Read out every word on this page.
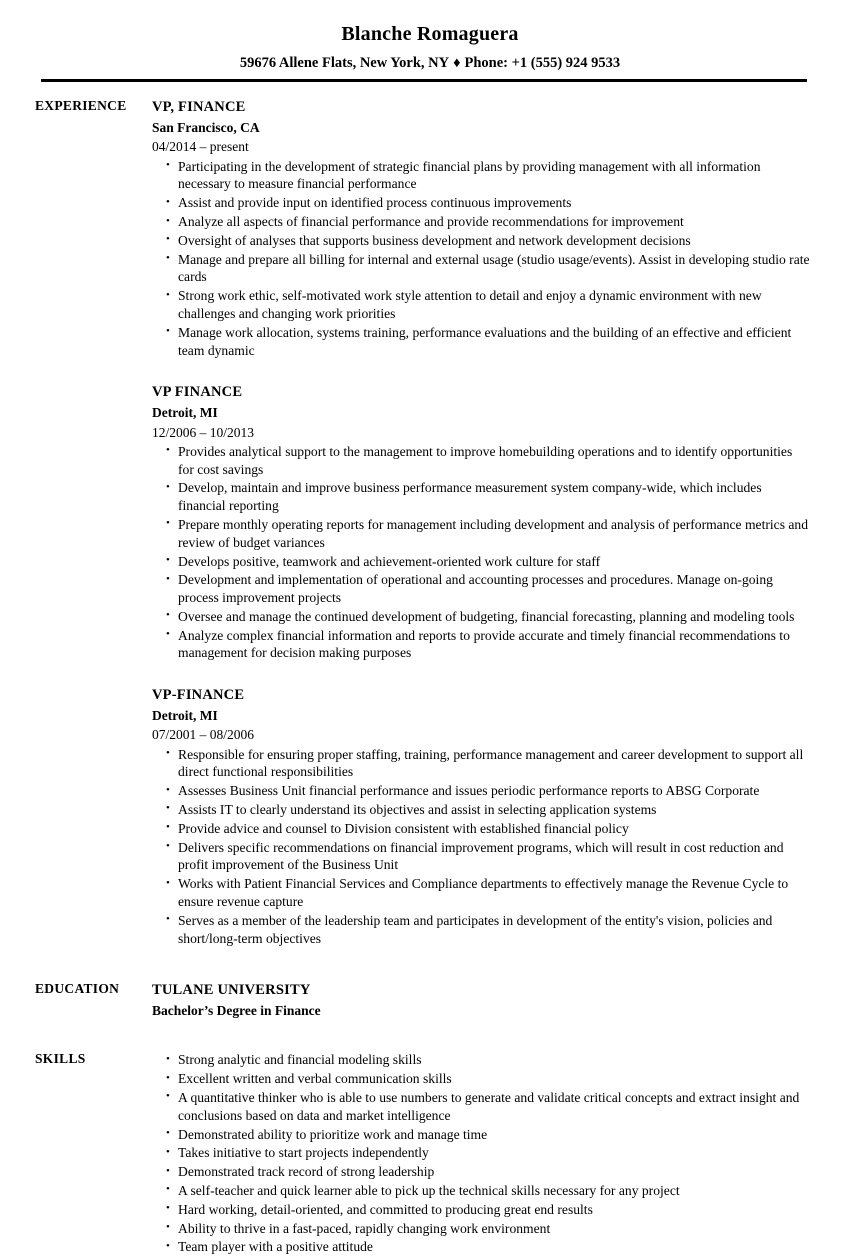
Blanche Romaguera
59676 Allene Flats, New York, NY ♦ Phone: +1 (555) 924 9533
EXPERIENCE	VP, FINANCE
San Francisco, CA
04/2014 – present
• Participating in the development of strategic financial plans by providing management with all information necessary to measure financial performance
• Assist and provide input on identified process continuous improvements
• Analyze all aspects of financial performance and provide recommendations for improvement
• Oversight of analyses that supports business development and network development decisions
• Manage and prepare all billing for internal and external usage (studio usage/events). Assist in developing studio rate cards
• Strong work ethic, self-motivated work style attention to detail and enjoy a dynamic environment with new challenges and changing work priorities
• Manage work allocation, systems training, performance evaluations and the building of an effective and efficient team dynamic
VP FINANCE
Detroit, MI
12/2006 – 10/2013
• Provides analytical support to the management to improve homebuilding operations and to identify opportunities for cost savings
• Develop, maintain and improve business performance measurement system company-wide, which includes financial reporting
• Prepare monthly operating reports for management including development and analysis of performance metrics and review of budget variances
• Develops positive, teamwork and achievement-oriented work culture for staff
• Development and implementation of operational and accounting processes and procedures. Manage on-going process improvement projects
• Oversee and manage the continued development of budgeting, financial forecasting, planning and modeling tools
• Analyze complex financial information and reports to provide accurate and timely financial recommendations to management for decision making purposes
VP-FINANCE
Detroit, MI
07/2001 – 08/2006
• Responsible for ensuring proper staffing, training, performance management and career development to support all direct functional responsibilities
• Assesses Business Unit financial performance and issues periodic performance reports to ABSG Corporate
• Assists IT to clearly understand its objectives and assist in selecting application systems
• Provide advice and counsel to Division consistent with established financial policy
• Delivers specific recommendations on financial improvement programs, which will result in cost reduction and profit improvement of the Business Unit
• Works with Patient Financial Services and Compliance departments to effectively manage the Revenue Cycle to ensure revenue capture
• Serves as a member of the leadership team and participates in development of the entity's vision, policies and short/long-term objectives
EDUCATION	TULANE UNIVERSITY
Bachelor’s Degree in Finance
SKILLS	• Strong analytic and financial modeling skills
• Excellent written and verbal communication skills
• A quantitative thinker who is able to use numbers to generate and validate critical concepts and extract insight and conclusions based on data and market intelligence
• Demonstrated ability to prioritize work and manage time
• Takes initiative to start projects independently
• Demonstrated track record of strong leadership
• A self-teacher and quick learner able to pick up the technical skills necessary for any project
• Hard working, detail-oriented, and committed to producing great end results
• Ability to thrive in a fast-paced, rapidly changing work environment
• Team player with a positive attitude
